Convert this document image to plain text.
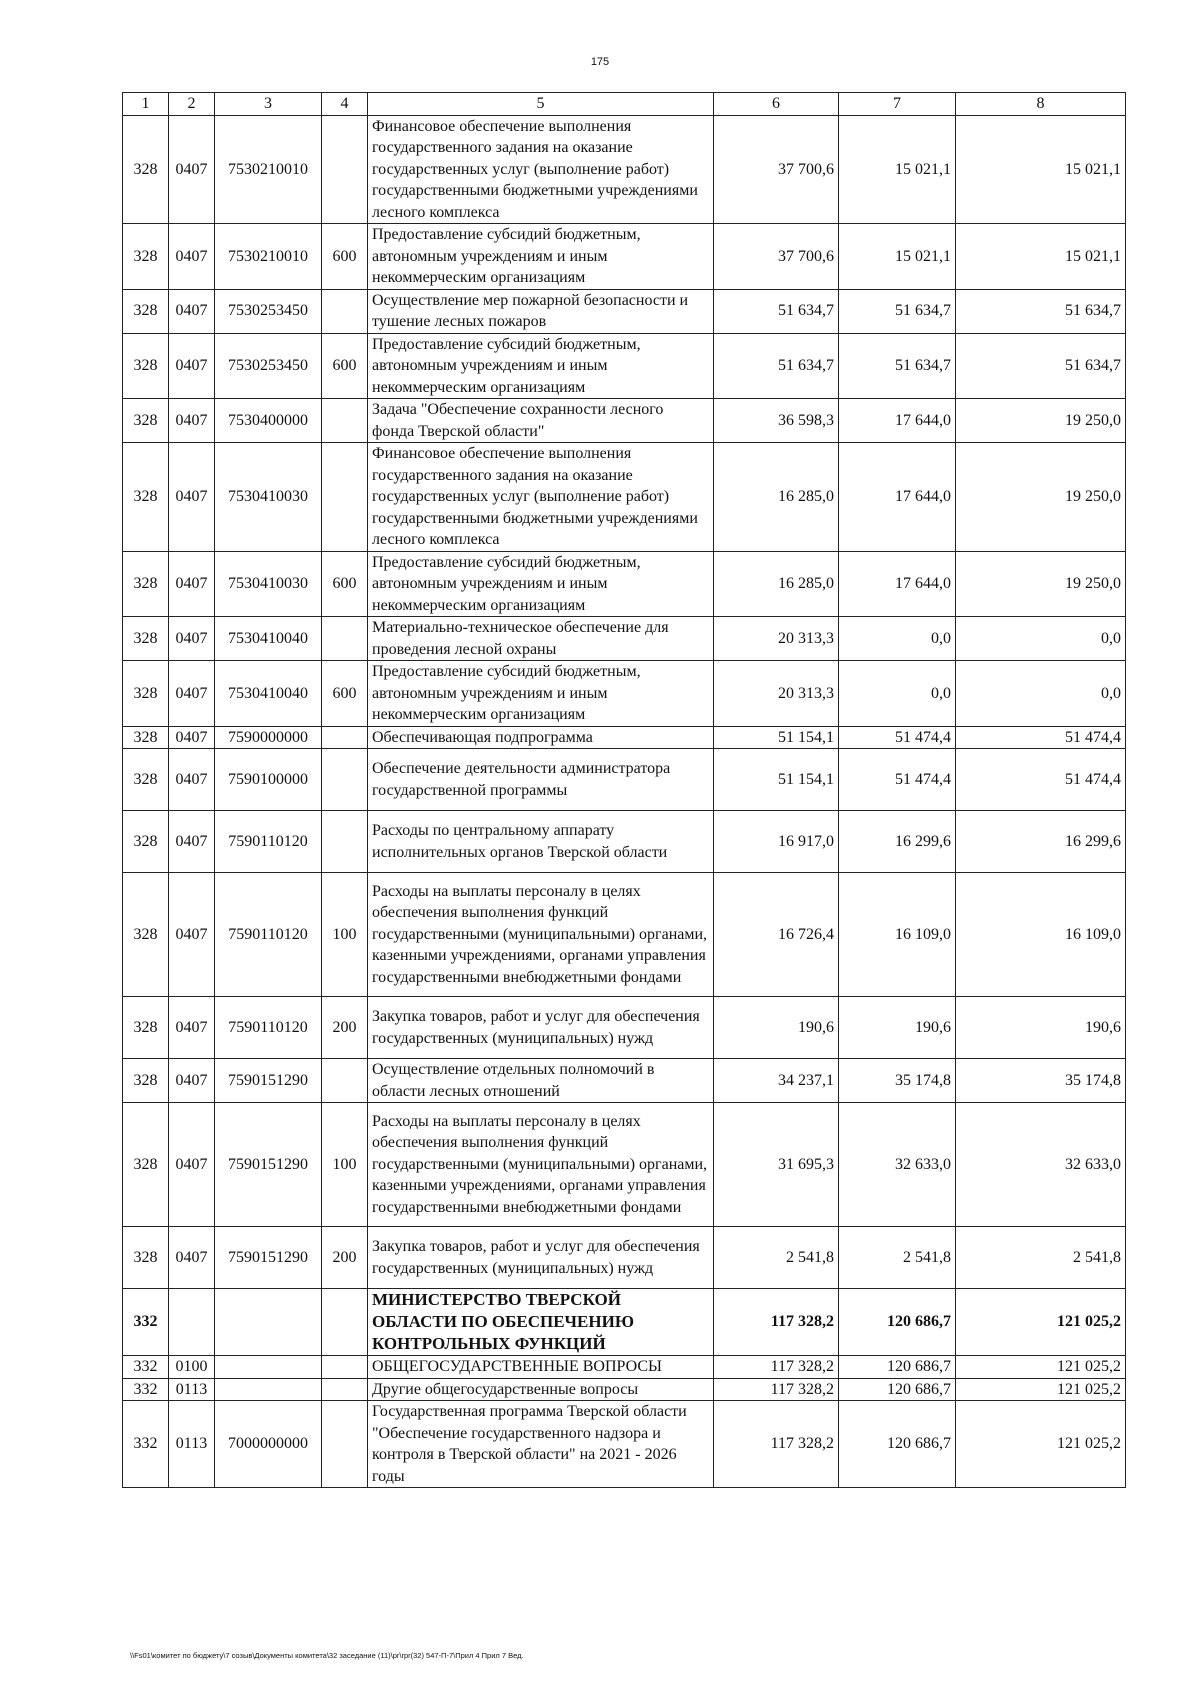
175
1	2	3	4	5	6	7	8
328	0407	7530210010		Финансовое обеспечение выполнения государственного задания на оказание государственных услуг (выполнение работ) государственными бюджетными учреждениями лесного комплекса	37 700,6	15 021,1	15 021,1
328	0407	7530210010	600	Предоставление субсидий бюджетным, автономным учреждениям и иным некоммерческим организациям	37 700,6	15 021,1	15 021,1
328	0407	7530253450		Осуществление мер пожарной безопасности и тушение лесных пожаров	51 634,7	51 634,7	51 634,7
328	0407	7530253450	600	Предоставление субсидий бюджетным, автономным учреждениям и иным некоммерческим организациям	51 634,7	51 634,7	51 634,7
328	0407	7530400000		Задача "Обеспечение сохранности лесного фонда Тверской области"	36 598,3	17 644,0	19 250,0
328	0407	7530410030		Финансовое обеспечение выполнения государственного задания на оказание государственных услуг (выполнение работ) государственными бюджетными учреждениями лесного комплекса	16 285,0	17 644,0	19 250,0
328	0407	7530410030	600	Предоставление субсидий бюджетным, автономным учреждениям и иным некоммерческим организациям	16 285,0	17 644,0	19 250,0
328	0407	7530410040		Материально-техническое обеспечение для проведения лесной охраны	20 313,3	0,0	0,0
328	0407	7530410040	600	Предоставление субсидий бюджетным, автономным учреждениям и иным некоммерческим организациям	20 313,3	0,0	0,0
328	0407	7590000000		Обеспечивающая подпрограмма	51 154,1	51 474,4	51 474,4
328	0407	7590100000		Обеспечение деятельности администратора государственной программы	51 154,1	51 474,4	51 474,4
328	0407	7590110120		Расходы по центральному аппарату исполнительных органов Тверской области	16 917,0	16 299,6	16 299,6
328	0407	7590110120	100	Расходы на выплаты персоналу в целях обеспечения выполнения функций государственными (муниципальными) органами, казенными учреждениями, органами управления государственными внебюджетными фондами	16 726,4	16 109,0	16 109,0
328	0407	7590110120	200	Закупка товаров, работ и услуг для обеспечения государственных (муниципальных) нужд	190,6	190,6	190,6
328	0407	7590151290		Осуществление отдельных полномочий в области лесных отношений	34 237,1	35 174,8	35 174,8
328	0407	7590151290	100	Расходы на выплаты персоналу в целях обеспечения выполнения функций государственными (муниципальными) органами, казенными учреждениями, органами управления государственными внебюджетными фондами	31 695,3	32 633,0	32 633,0
328	0407	7590151290	200	Закупка товаров, работ и услуг для обеспечения государственных (муниципальных) нужд	2 541,8	2 541,8	2 541,8
332				МИНИСТЕРСТВО ТВЕРСКОЙ ОБЛАСТИ ПО ОБЕСПЕЧЕНИЮ КОНТРОЛЬНЫХ ФУНКЦИЙ	117 328,2	120 686,7	121 025,2
332	0100			ОБЩЕГОСУДАРСТВЕННЫЕ ВОПРОСЫ	117 328,2	120 686,7	121 025,2
332	0113			Другие общегосударственные вопросы	117 328,2	120 686,7	121 025,2
332	0113	7000000000		Государственная программа Тверской области "Обеспечение государственного надзора и контроля в Тверской области" на 2021 - 2026 годы	117 328,2	120 686,7	121 025,2
\\Fs01\комитет по бюджету\7 созыв\Документы комитета\32 заседание (11)\pr\rpr(32) 547-П-7\Прил 4 Прил 7 Вед.
